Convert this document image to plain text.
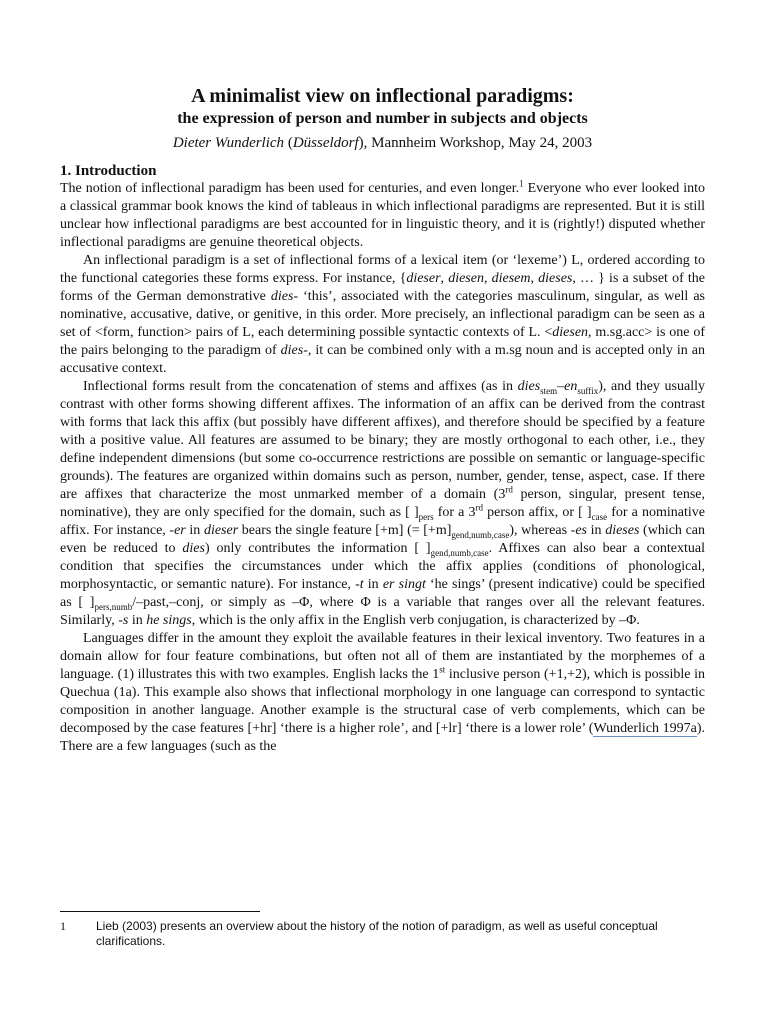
A minimalist view on inflectional paradigms:
the expression of person and number in subjects and objects

Dieter Wunderlich (Düsseldorf), Mannheim Workshop, May 24, 2003

1. Introduction

The notion of inflectional paradigm has been used for centuries, and even longer.$^1$ Everyone who ever looked into a classical grammar book knows the kind of tableaus in which inflectional paradigms are represented. But it is still unclear how inflectional paradigms are best accounted for in linguistic theory, and it is (rightly!) disputed whether inflectional paradigms are genuine theoretical objects.

An inflectional paradigm is a set of inflectional forms of a lexical item (or ‘lexeme’) L, ordered according to the functional categories these forms express. For instance, {dieser, diesen, diesem, dieses, … } is a subset of the forms of the German demonstrative dies- ‘this’, associated with the categories masculinum, singular, as well as nominative, accusative, dative, or genitive, in this order. More precisely, an inflectional paradigm can be seen as a set of <form, function> pairs of L, each determining possible syntactic contexts of L. <diesen, m.sg.acc> is one of the pairs belonging to the paradigm of dies-, it can be combined only with a m.sg noun and is accepted only in an accusative context.

Inflectional forms result from the concatenation of stems and affixes (as in $dies_{stem}-en_{suffix}$), and they usually contrast with other forms showing different affixes. The information of an affix can be derived from the contrast with forms that lack this affix (but possibly have different affixes), and therefore should be specified by a feature with a positive value. All features are assumed to be binary; they are mostly orthogonal to each other, i.e., they define independent dimensions (but some co-occurrence restrictions are possible on semantic or language-specific grounds). The features are organized within domains such as person, number, gender, tense, aspect, case. If there are affixes that characterize the most unmarked member of a domain (3rd person, singular, present tense, nominative), they are only specified for the domain, such as [ ]$_{pers}$ for a 3rd person affix, or [ ]$_{case}$ for a nominative affix. For instance, -er in dieser bears the single feature [+m] (= $[+m]_{gend,numb,case}$), whereas -es in dieses (which can even be reduced to dies) only contributes the information [ ]$_{gend,numb,case}$. Affixes can also bear a contextual condition that specifies the circumstances under which the affix applies (conditions of phonological, morphosyntactic, or semantic nature). For instance, -t in er singt ‘he sings’ (present indicative) could be specified as [ ]$_{pers,numb}/-past$,–conj, or simply as –Φ, where Φ is a variable that ranges over all the relevant features. Similarly, -s in he sings, which is the only affix in the English verb conjugation, is characterized by –Φ.

Languages differ in the amount they exploit the available features in their lexical inventory. Two features in a domain allow for four feature combinations, but often not all of them are instantiated by the morphemes of a language. (1) illustrates this with two examples. English lacks the 1st inclusive person (+1,+2), which is possible in Quechua (1a). This example also shows that inflectional morphology in one language can correspond to syntactic composition in another language. Another example is the structural case of verb complements, which can be decomposed by the case features [+hr] ‘there is a higher role’, and [+lr] ‘there is a lower role’ (Wunderlich 1997a). There are a few languages (such as the

1	Lieb (2003) presents an overview about the history of the notion of paradigm, as well as useful conceptual clarifications.
